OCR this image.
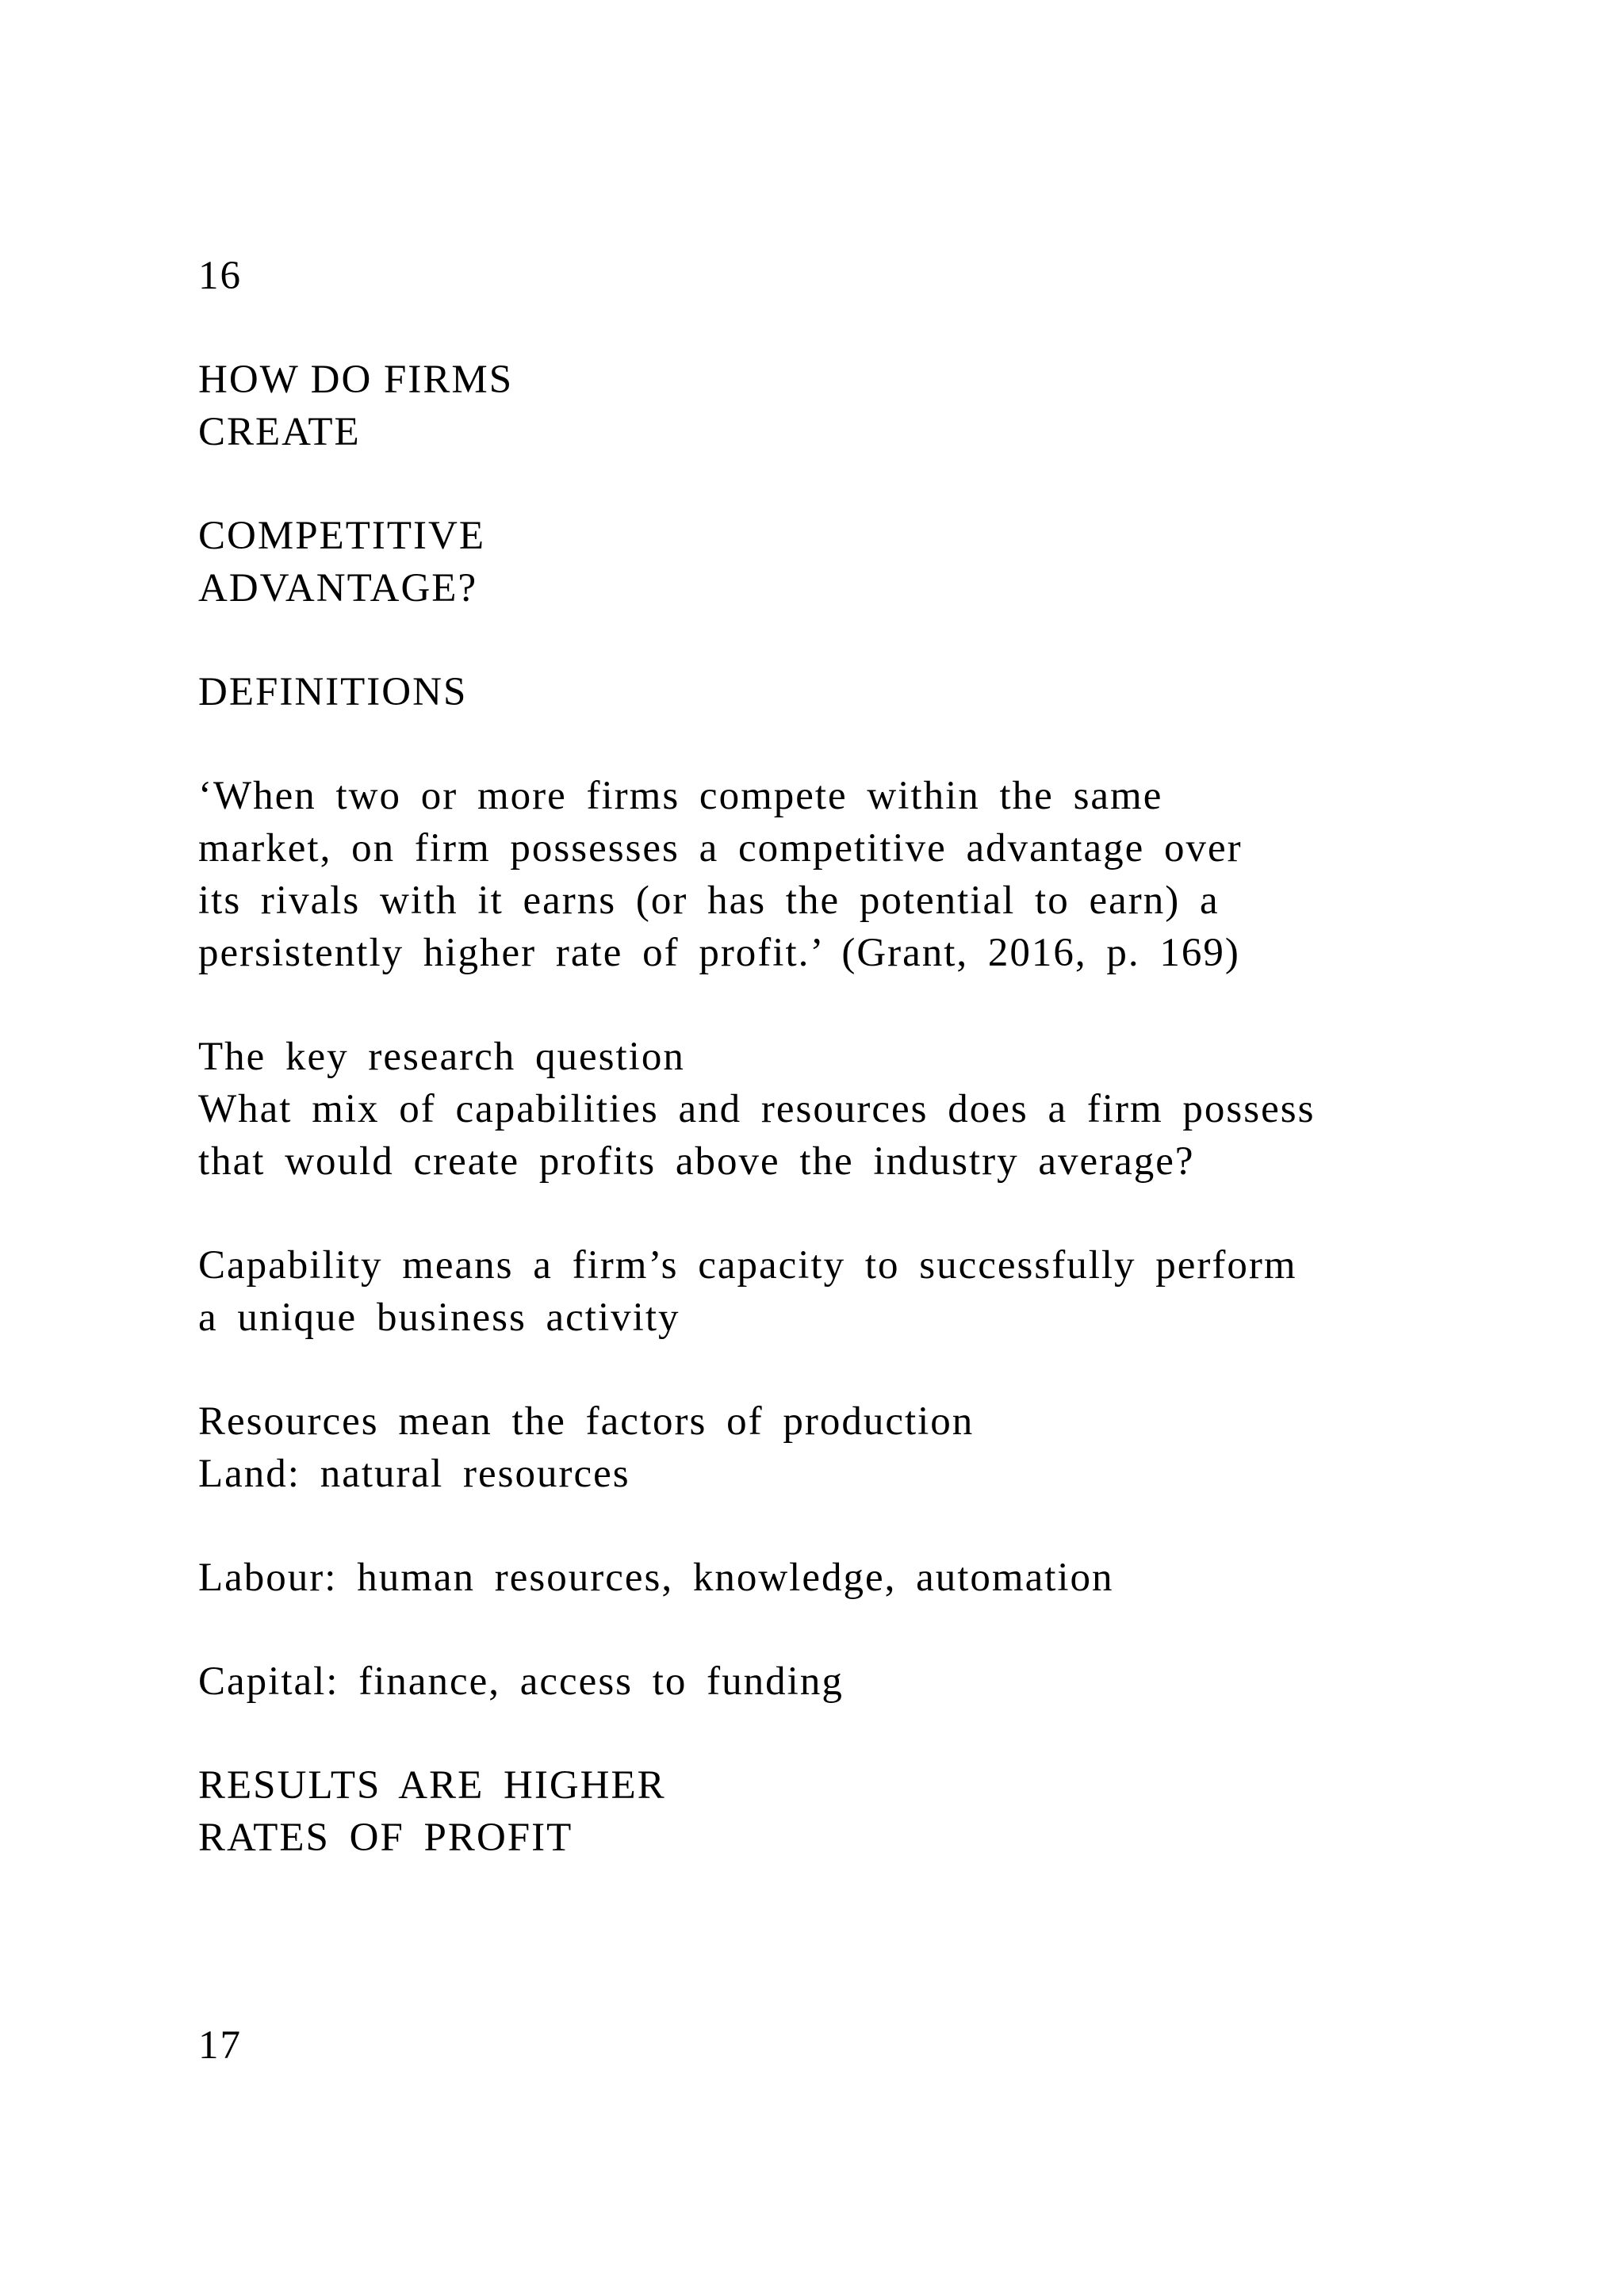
16

HOW DO FIRMS

CREATE

COMPETITIVE

ADVANTAGE?

DEFINITIONS

‘When two or more firms compete within the same

market, on firm possesses a competitive advantage over

its rivals with it earns (or has the potential to earn) a

persistently higher rate of profit.’ (Grant, 2016, p. 169)

The key research question

What mix of capabilities and resources does a firm possess

that would create profits above the industry average?

Capability means a firm’s capacity to successfully perform

a unique business activity

Resources mean the factors of production

Land: natural resources

Labour: human resources, knowledge, automation

Capital: finance, access to funding

RESULTS ARE HIGHER

RATES OF PROFIT

17
